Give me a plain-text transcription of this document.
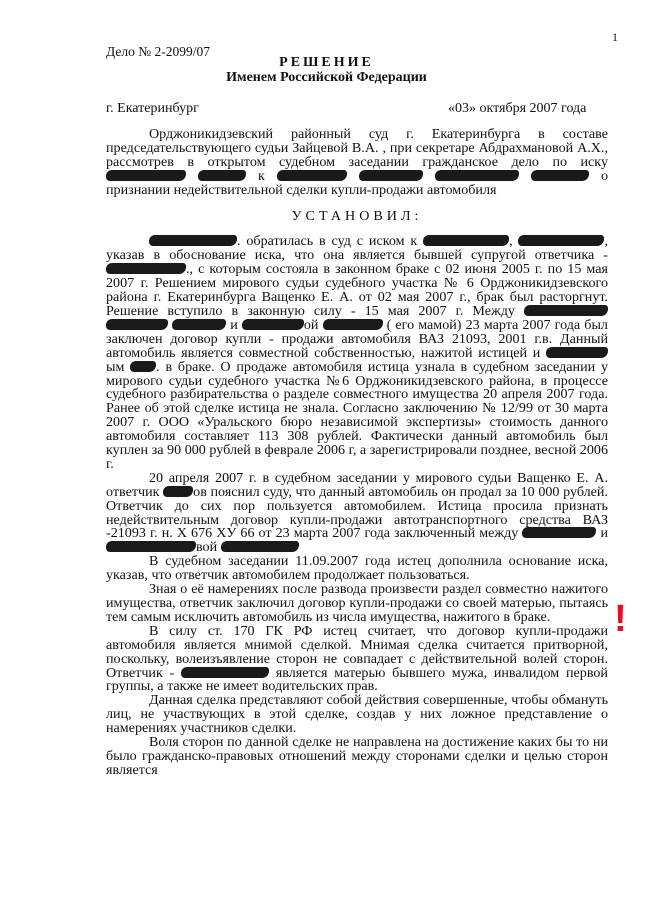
1
Дело № 2-2099/07
РЕШЕНИЕ
Именем Российской Федерации
г. Екатеринбург	«03» октября 2007 года

Орджоникидзевский районный суд г. Екатеринбурга в составе председательствующего судьи Зайцевой В.А. , при секретаре Абдрахмановой А.Х., рассмотрев в открытом судебном заседании гражданское дело по иску   к	о признании недействительной сделки купли-продажи автомобиля

УСТАНОВИЛ:

. обратилась в суд с иском к	,	, указав в обоснование иска, что она является бывшей супругой ответчика - ., с которым состояла в законном браке с 02 июня 2005 г. по 15 мая 2007 г. Решением мирового судьи судебного участка № 6 Орджоникидзевского района г. Екатеринбурга Ващенко Е. А. от 02 мая 2007 г., брак был расторгнут. Решение вступило в законную силу - 15 мая 2007 г. Между    и	ой	( его мамой) 23 марта 2007 года был заключен договор купли - продажи автомобиля ВАЗ 21093, 2001 г.в. Данный автомобиль является совместной собственностью, нажитой истицей и ым . в браке. О продаже автомобиля истица узнала в судебном заседании у мирового судьи судебного участка №6 Орджоникидзевского района, в процессе судебного разбирательства о разделе совместного имущества 20 апреля 2007 года. Ранее об этой сделке истица не знала. Согласно заключению № 12/99 от 30 марта 2007 г. ООО «Уральского бюро независимой экспертизы» стоимость данного автомобиля составляет 113 308 рублей. Фактически данный автомобиль был куплен за 90 000 рублей в феврале 2006 г, а зарегистрировали позднее, весной 2006 г.

20 апреля 2007 г. в судебном заседании у мирового судьи Ващенко Е. А. ответчик ов пояснил суду, что данный автомобиль он продал за 10 000 рублей. Ответчик до сих пор пользуется автомобилем. Истица просила признать недействительным договор купли-продажи автотранспортного средства ВАЗ -21093 г. н. Х 676 ХУ 66 от 23 марта 2007 года заключенный между	и вой

В судебном заседании 11.09.2007 года истец дополнила основание иска, указав, что ответчик автомобилем продолжает пользоваться.

Зная о её намерениях после развода произвести раздел совместно нажитого имущества, ответчик заключил договор купли-продажи со своей матерью, пытаясь тем самым исключить автомобиль из числа имущества, нажитого в браке.

В силу ст. 170 ГК РФ истец считает, что договор купли-продажи автомобиля является мнимой сделкой. Мнимая сделка считается притворной, поскольку, волеизъявление сторон не совпадает с действительной волей сторон. Ответчик -	является матерью бывшего мужа, инвалидом первой группы, а также не имеет водительских прав.

Данная сделка представляют собой действия совершенные, чтобы обмануть лиц, не участвующих в этой сделке, создав у них ложное представление о намерениях участников сделки.

Воля сторон по данной сделке не направлена на достижение каких бы то ни было гражданско-правовых отношений между сторонами сделки и целью сторон является

!
